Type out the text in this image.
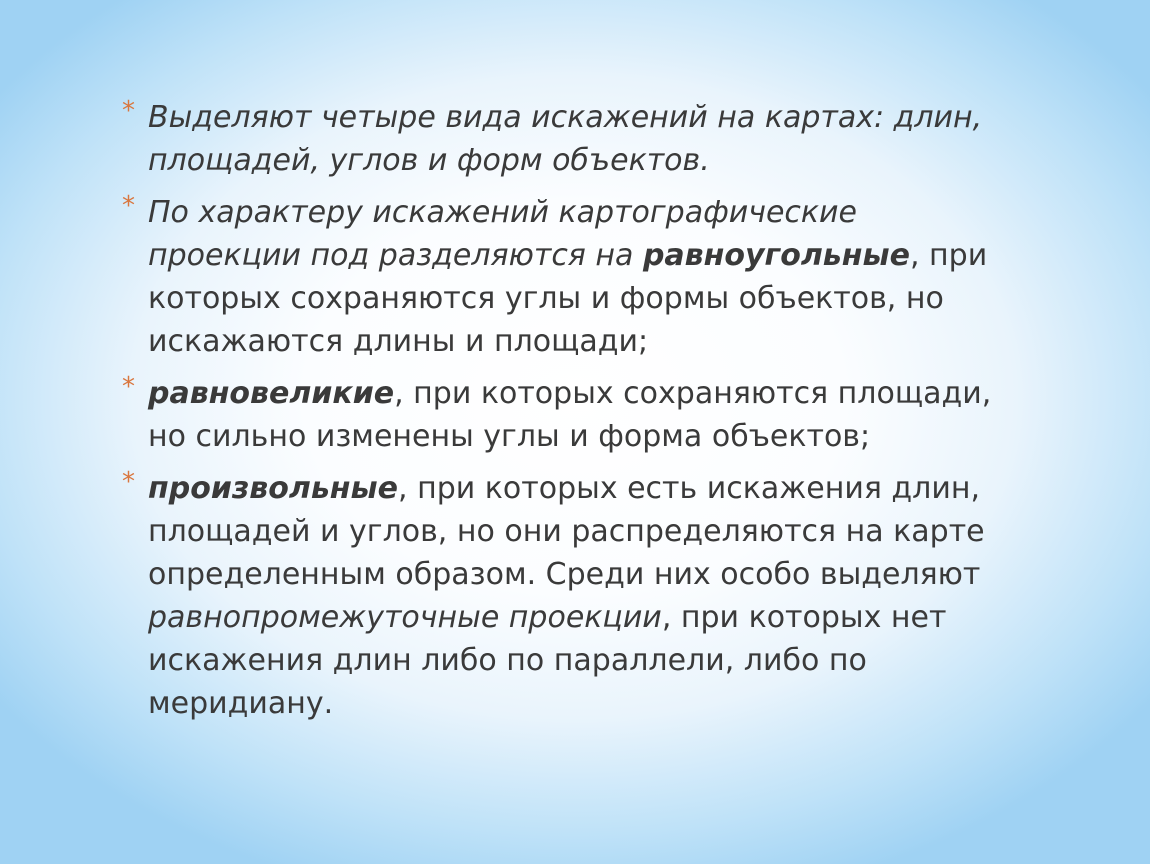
* Выделяют четыре вида искажений на картах: длин, площадей, углов и форм объектов.
* По характеру искажений картографические проекции под разделяются на равноугольные, при которых сохраняются углы и формы объектов, но искажаются длины и площади;
* равновеликие, при которых сохраняются площади, но сильно изменены углы и форма объектов;
* произвольные, при которых есть искажения длин, площадей и углов, но они распределяются на карте определенным образом. Среди них особо выделяют равнопромежуточные проекции, при которых нет искажения длин либо по параллели, либо по меридиану.
